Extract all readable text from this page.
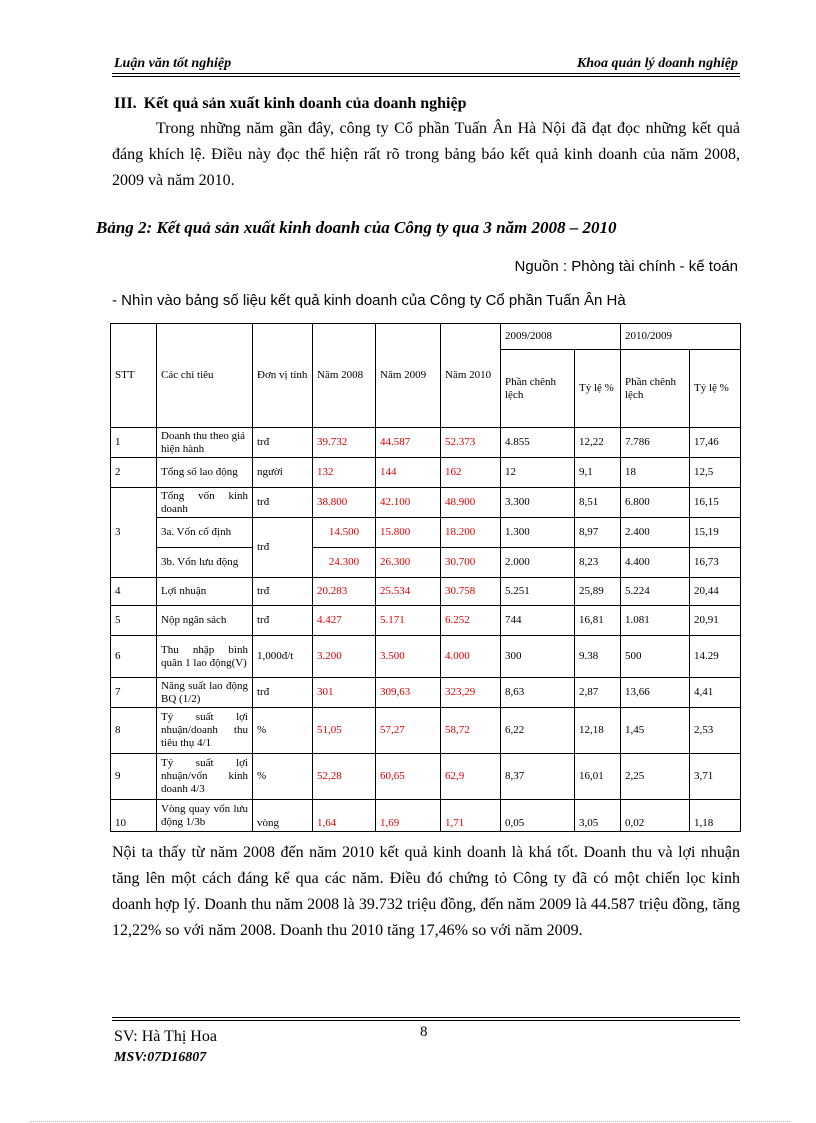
Luận văn tốt nghiệp	Khoa quản lý doanh nghiệp
III. Kết quả sản xuất kinh doanh của doanh nghiệp
Trong những năm gần đây, công ty Cổ phần Tuấn Ân Hà Nội đã đạt đọc những kết quả đáng khích lệ. Điều này đọc thể hiện rất rõ trong bảng báo kết quả kinh doanh của năm 2008, 2009 và năm 2010.
Bảng 2: Kết quả sản xuất kinh doanh của Công ty qua 3 năm 2008 – 2010
Nguồn : Phòng tài chính - kế toán
- Nhìn vào bảng số liệu kết quả kinh doanh của Công ty Cổ phần Tuấn Ân Hà
STT	Các chỉ tiêu	Đơn vị tính	Năm 2008	Năm 2009	Năm 2010	2009/2008		2010/2009	
						Phần chênh lệch	Tỷ lệ %	Phần chênh lệch	Tỷ lệ %
1	Doanh thu theo giá hiện hành	trđ	39.732	44.587	52.373	4.855	12,22	7.786	17,46
2	Tổng số lao động	người	132	144	162	12	9,1	18	12,5
3	Tổng vốn kinh doanh	trđ	38.800	42.100	48.900	3.300	8,51	6.800	16,15
	3a. Vốn cố định	trđ	14.500	15.800	18.200	1.300	8,97	2.400	15,19
	3b. Vốn lưu động		24.300	26.300	30.700	2.000	8,23	4.400	16,73
4	Lợi nhuận	trđ	20.283	25.534	30.758	5.251	25,89	5.224	20,44
5	Nộp ngân sách	trđ	4.427	5.171	6.252	744	16,81	1.081	20,91
6	Thu nhập bình quân 1 lao động(V)	1,000đ/t	3.200	3.500	4.000	300	9.38	500	14.29
7	Năng suất lao động BQ (1/2)	trđ	301	309,63	323,29	8,63	2,87	13,66	4,41
8	Tỷ suất lợi nhuận/doanh thu tiêu thụ 4/1	%	51,05	57,27	58,72	6,22	12,18	1,45	2,53
9	Tỷ suất lợi nhuận/vốn kinh doanh 4/3	%	52,28	60,65	62,9	8,37	16,01	2,25	3,71
10	Vòng quay vốn lưu động 1/3b	vòng	1,64	1,69	1,71	0,05	3,05	0,02	1,18
Nội ta thấy từ năm 2008 đến năm 2010 kết quả kinh doanh là khá tốt. Doanh thu và lợi nhuận tăng lên một cách đáng kể qua các năm. Điều đó chứng tỏ Công ty đã có một chiến lọc kinh doanh hợp lý. Doanh thu năm 2008 là 39.732 triệu đồng, đến năm 2009 là 44.587 triệu đồng, tăng 12,22% so với năm 2008. Doanh thu 2010 tăng 17,46% so với năm 2009.
8
SV: Hà Thị Hoa
MSV:07D16807
